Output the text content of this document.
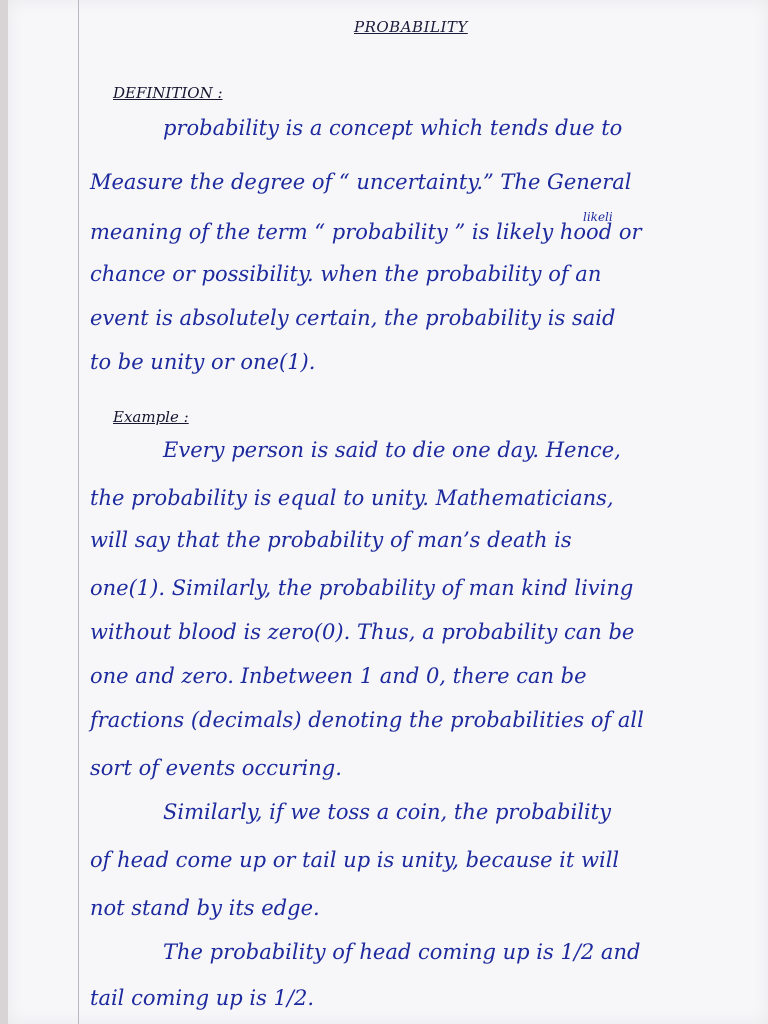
PROBABILITY
DEFINITION :
likeli
probability is a concept which tends due to
Measure the degree of “ uncertainty.” The General
meaning of the term “ probability ” is likely hood or
chance or possibility. when the probability of an
event is absolutely certain, the probability is said
to be unity or one(1).
Example :
Every person is said to die one day. Hence,
the probability is equal to unity. Mathematicians,
will say that the probability of man’s death is
one(1). Similarly, the probability of man kind living
without blood is zero(0). Thus, a probability can be
one and zero. Inbetween 1 and 0, there can be
fractions (decimals) denoting the probabilities of all
sort of events occuring.
Similarly, if we toss a coin, the probability
of head come up or tail up is unity, because it will
not stand by its edge.
The probability of head coming up is 1/2 and
tail coming up is 1/2.
